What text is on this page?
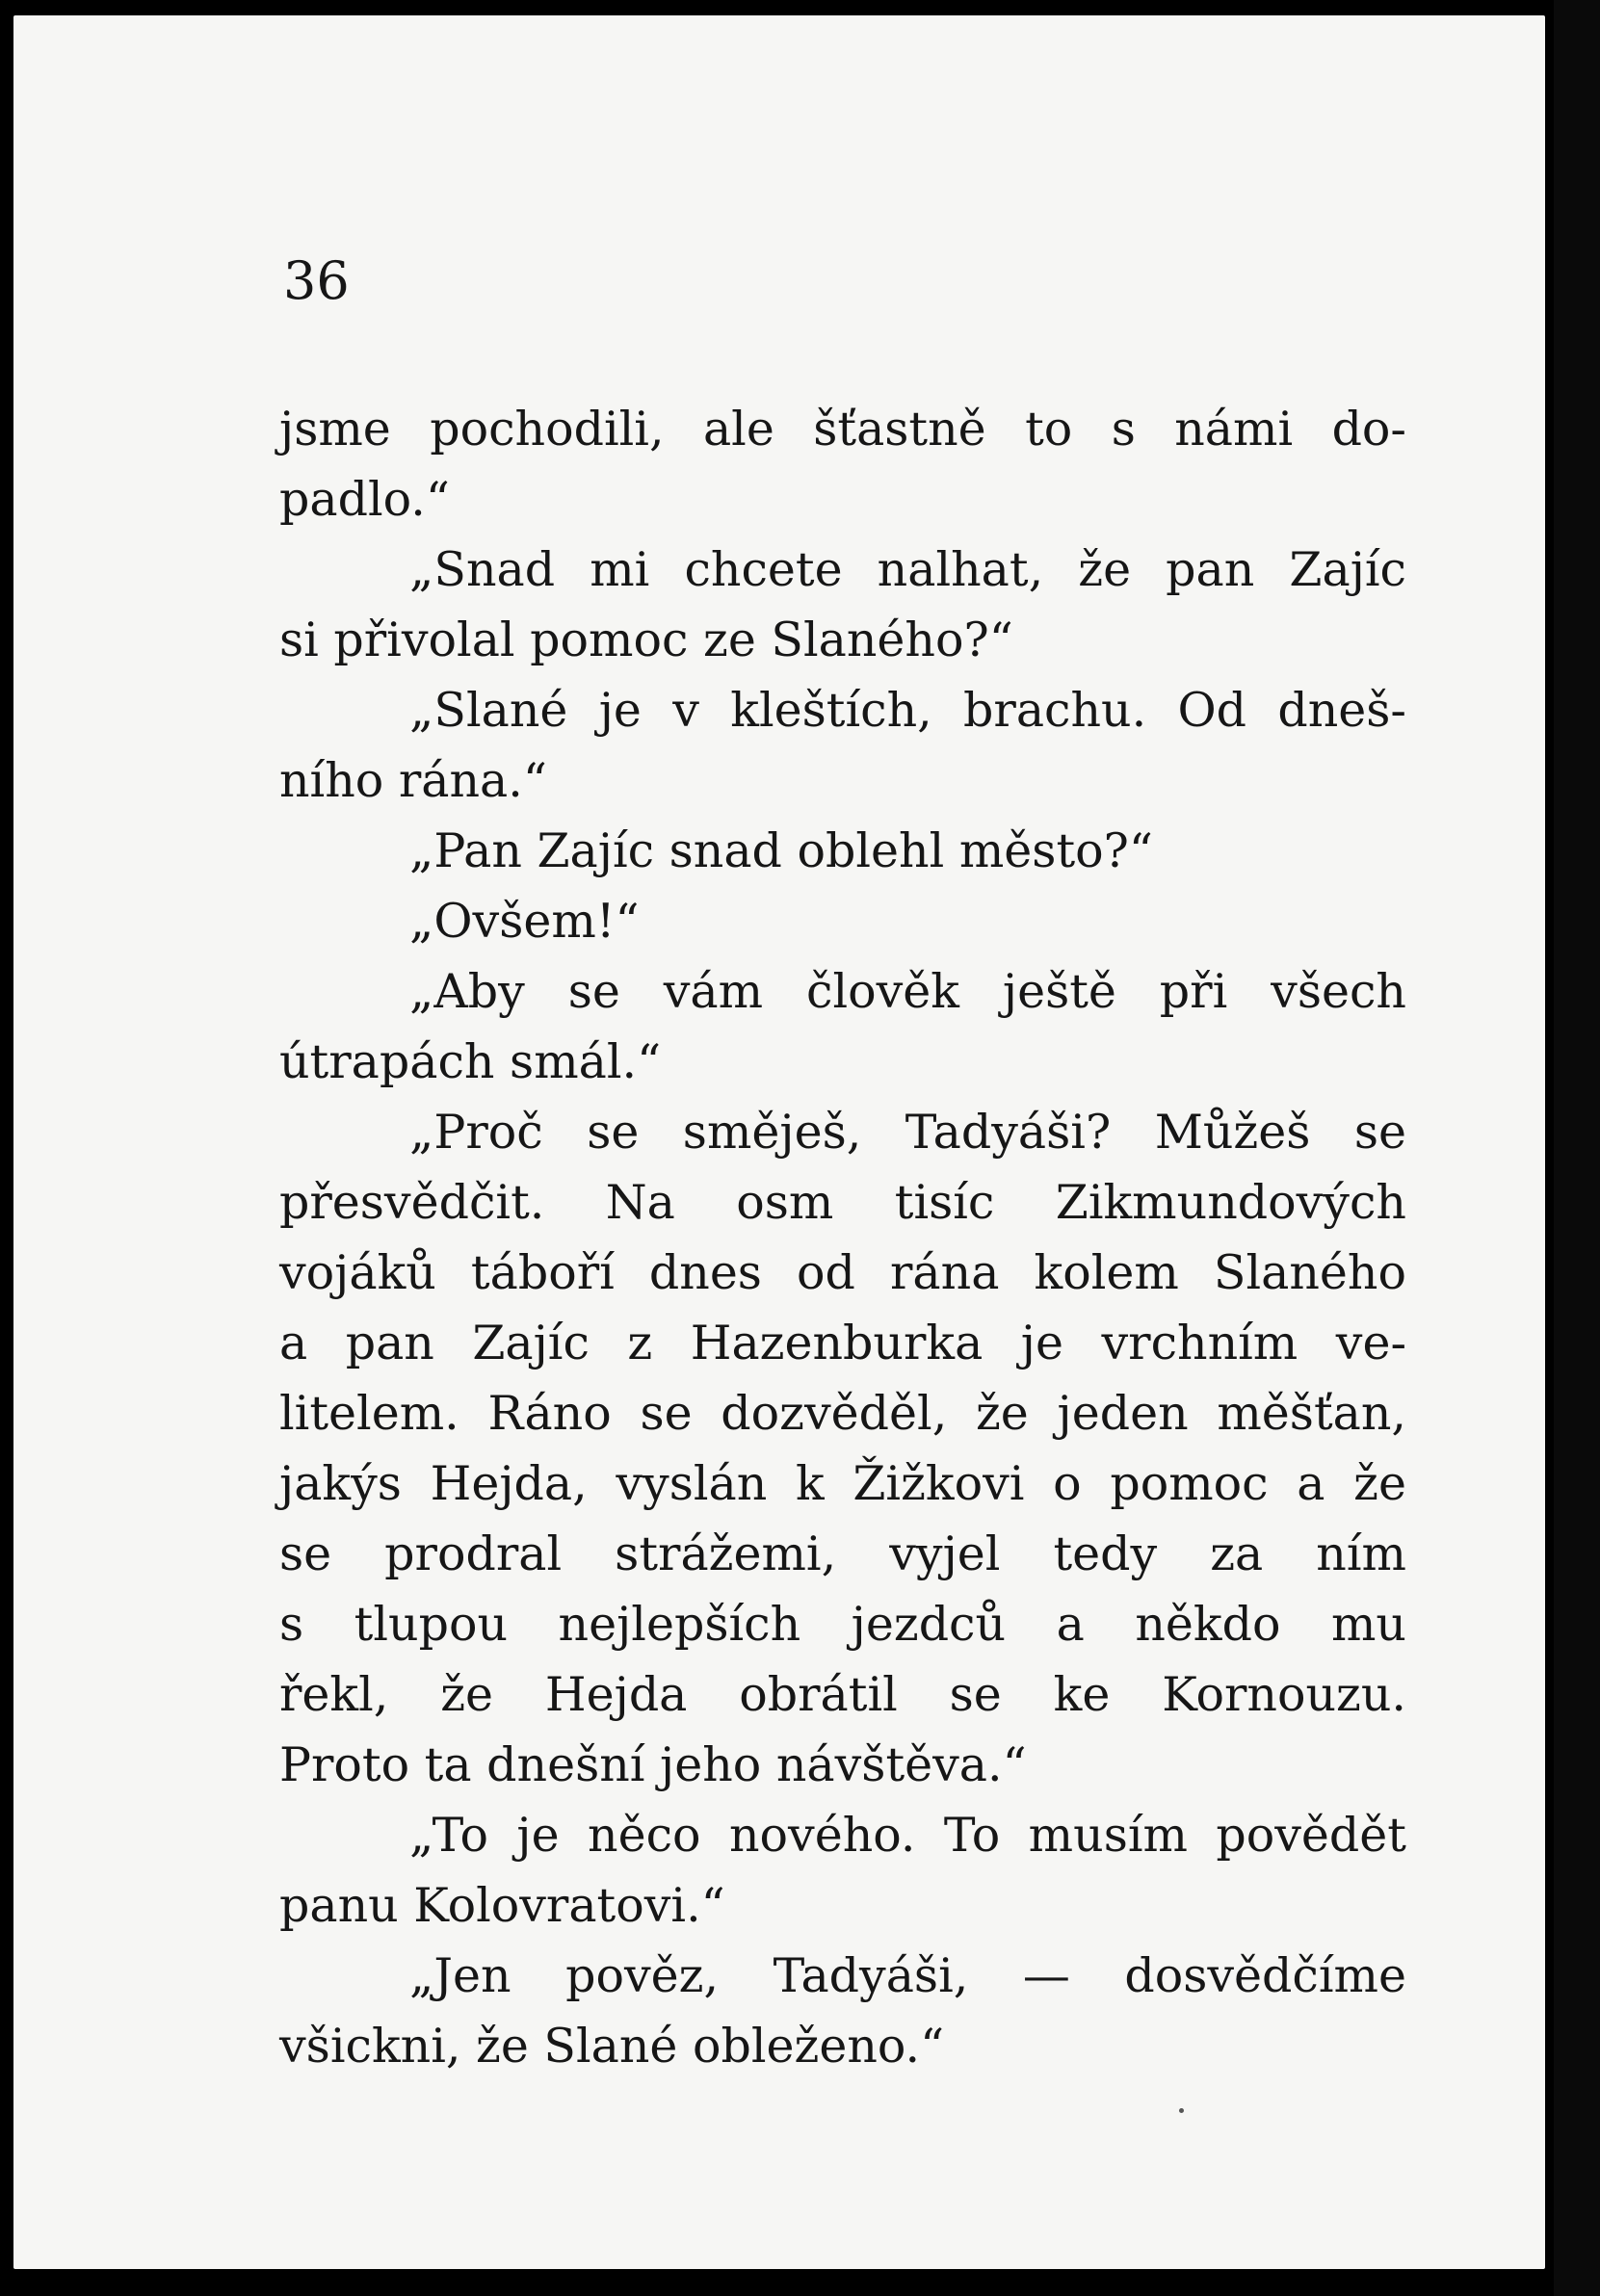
36

jsme pochodili, ale šťastně to s námi do-
padlo.“
„Snad mi chcete nalhat, že pan Zajíc
si přivolal pomoc ze Slaného?“
„Slané je v kleštích, brachu. Od dneš-
ního rána.“
„Pan Zajíc snad oblehl město?“
„Ovšem!“
„Aby se vám člověk ještě při všech
útrapách smál.“
„Proč se směješ, Tadyáši? Můžeš se
přesvědčit. Na osm tisíc Zikmundových
vojáků táboří dnes od rána kolem Slaného
a pan Zajíc z Hazenburka je vrchním ve-
litelem. Ráno se dozvěděl, že jeden měšťan,
jakýs Hejda, vyslán k Žižkovi o pomoc a že
se prodral strážemi, vyjel tedy za ním
s tlupou nejlepších jezdců a někdo mu
řekl, že Hejda obrátil se ke Kornouzu.
Proto ta dnešní jeho návštěva.“
„To je něco nového. To musím povědět
panu Kolovratovi.“
„Jen pověz, Tadyáši, — dosvědčíme
všickni, že Slané obleženo.“
